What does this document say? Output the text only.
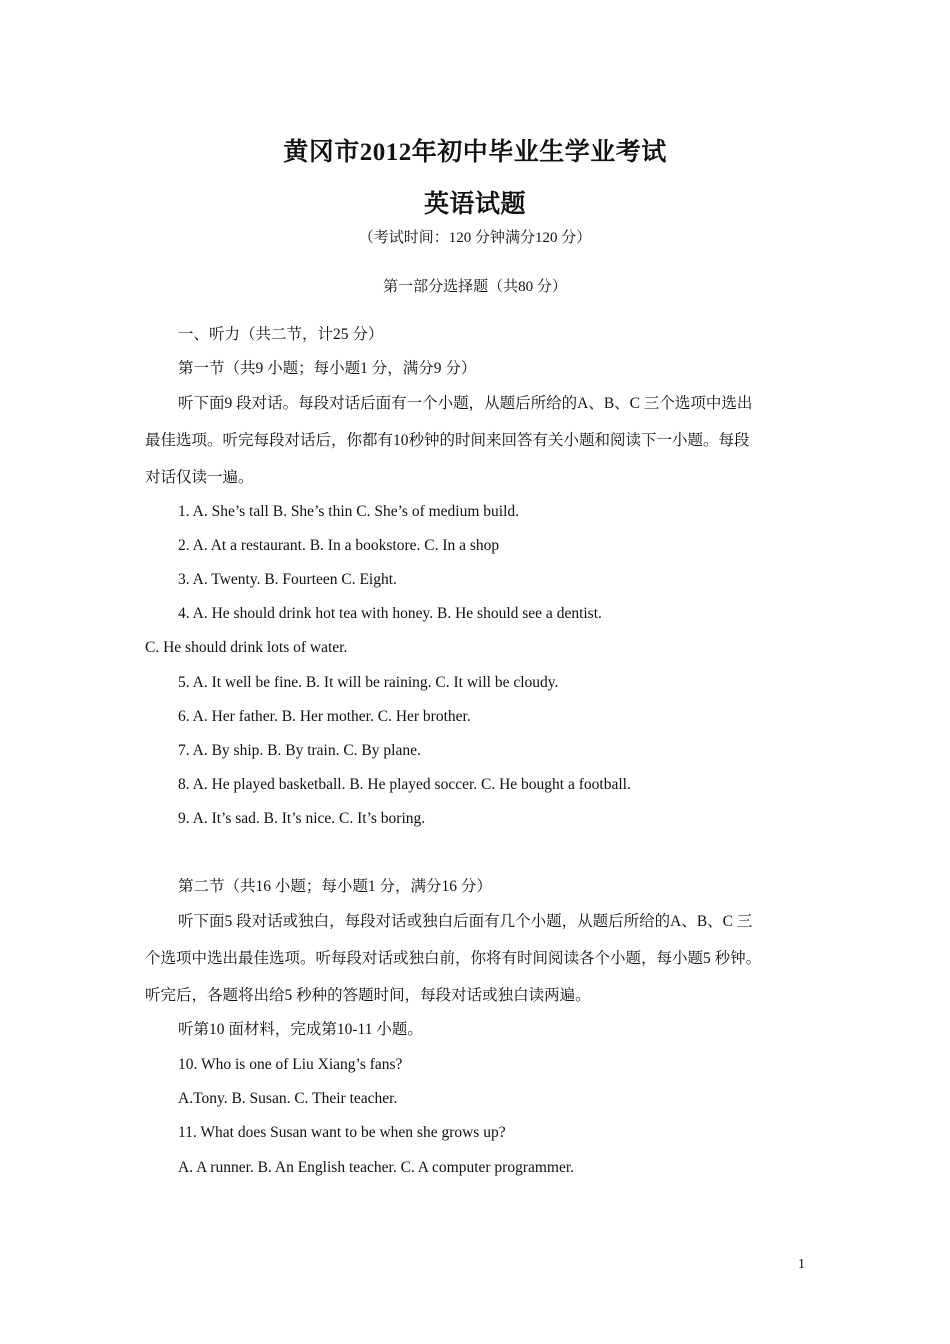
黄冈市2012年初中毕业生学业考试
英语试题
（考试时间：120 分钟满分120 分）
第一部分选择题（共80 分）
一、听力（共二节，计25 分）
第一节（共9 小题；每小题1 分，满分9 分）
听下面9 段对话。每段对话后面有一个小题，从题后所给的A、B、C 三个选项中选出
最佳选项。听完每段对话后，你都有10秒钟的时间来回答有关小题和阅读下一小题。每段
对话仅读一遍。
1. A. She’s tall B. She’s thin C. She’s of medium build.
2. A. At a restaurant. B. In a bookstore. C. In a shop
3. A. Twenty. B. Fourteen C. Eight.
4. A. He should drink hot tea with honey. B. He should see a dentist.
C. He should drink lots of water.
5. A. It well be fine. B. It will be raining. C. It will be cloudy.
6. A. Her father. B. Her mother. C. Her brother.
7. A. By ship. B. By train. C. By plane.
8. A. He played basketball. B. He played soccer. C. He bought a football.
9. A. It’s sad. B. It’s nice. C. It’s boring.
第二节（共16 小题；每小题1 分，满分16 分）
听下面5 段对话或独白，每段对话或独白后面有几个小题，从题后所给的A、B、C 三
个选项中选出最佳选项。听每段对话或独白前，你将有时间阅读各个小题，每小题5 秒钟。
听完后，各题将出给5 秒种的答题时间，每段对话或独白读两遍。
听第10 面材料，完成第10-11 小题。
10. Who is one of Liu Xiang’s fans?
A.Tony. B. Susan. C. Their teacher.
11. What does Susan want to be when she grows up?
A. A runner. B. An English teacher. C. A computer programmer.
1
